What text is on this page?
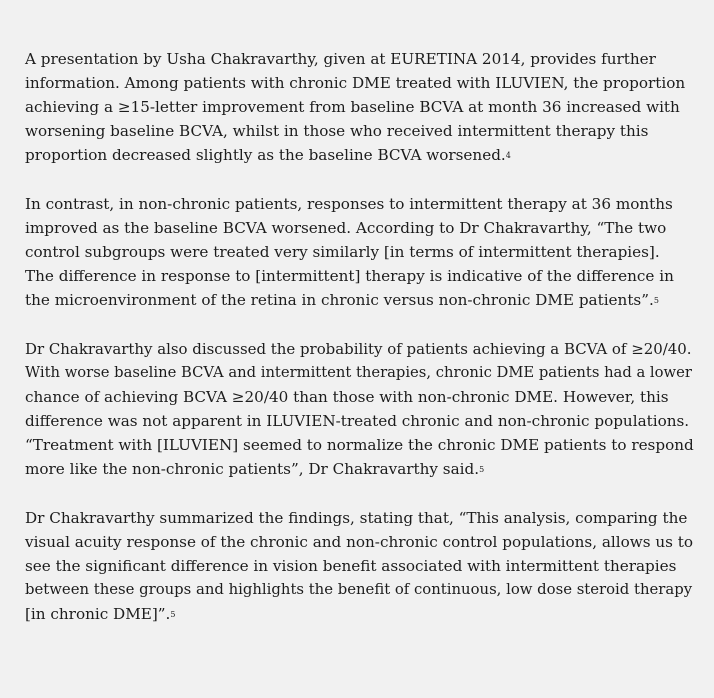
A presentation by Usha Chakravarthy, given at EURETINA 2014, provides further
information. Among patients with chronic DME treated with ILUVIEN, the proportion
achieving a ≥15-letter improvement from baseline BCVA at month 36 increased with
worsening baseline BCVA, whilst in those who received intermittent therapy this
proportion decreased slightly as the baseline BCVA worsened.4

In contrast, in non-chronic patients, responses to intermittent therapy at 36 months
improved as the baseline BCVA worsened. According to Dr Chakravarthy, “The two
control subgroups were treated very similarly [in terms of intermittent therapies].
The difference in response to [intermittent] therapy is indicative of the difference in
the microenvironment of the retina in chronic versus non-chronic DME patients”.5

Dr Chakravarthy also discussed the probability of patients achieving a BCVA of ≥20/40.
With worse baseline BCVA and intermittent therapies, chronic DME patients had a lower
chance of achieving BCVA ≥20/40 than those with non-chronic DME. However, this
difference was not apparent in ILUVIEN-treated chronic and non-chronic populations.
“Treatment with [ILUVIEN] seemed to normalize the chronic DME patients to respond
more like the non-chronic patients”, Dr Chakravarthy said.5

Dr Chakravarthy summarized the findings, stating that, “This analysis, comparing the
visual acuity response of the chronic and non-chronic control populations, allows us to
see the significant difference in vision benefit associated with intermittent therapies
between these groups and highlights the benefit of continuous, low dose steroid therapy
[in chronic DME]”.5
